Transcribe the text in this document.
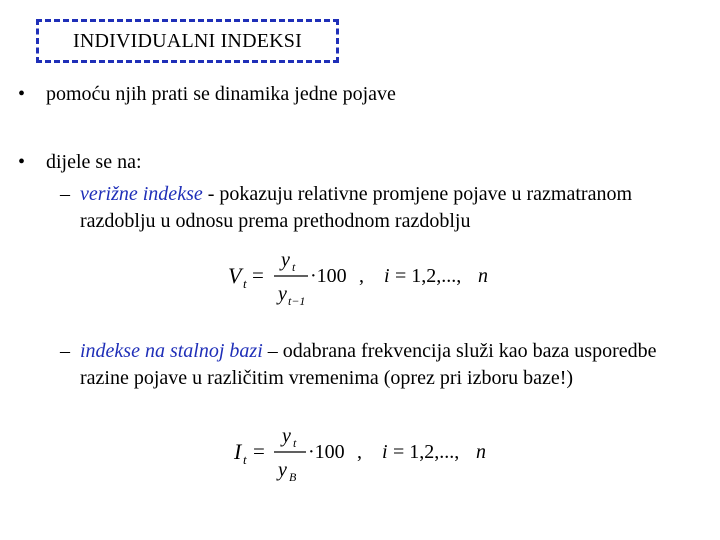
INDIVIDUALNI INDEKSI
• pomoću njih prati se dinamika jedne pojave
• dijele se na:
– verižne indekse - pokazuju relativne promjene pojave u razmatranom razdoblju u odnosu prema prethodnom razdoblju
V t =
y t
y t−1
·100 , i = 1,2,..., n
– indekse na stalnoj bazi – odabrana frekvencija služi kao baza usporedbe razine pojave u različitim vremenima (oprez pri izboru baze!)
I t =
y t
y B
·100 , i = 1,2,..., n
